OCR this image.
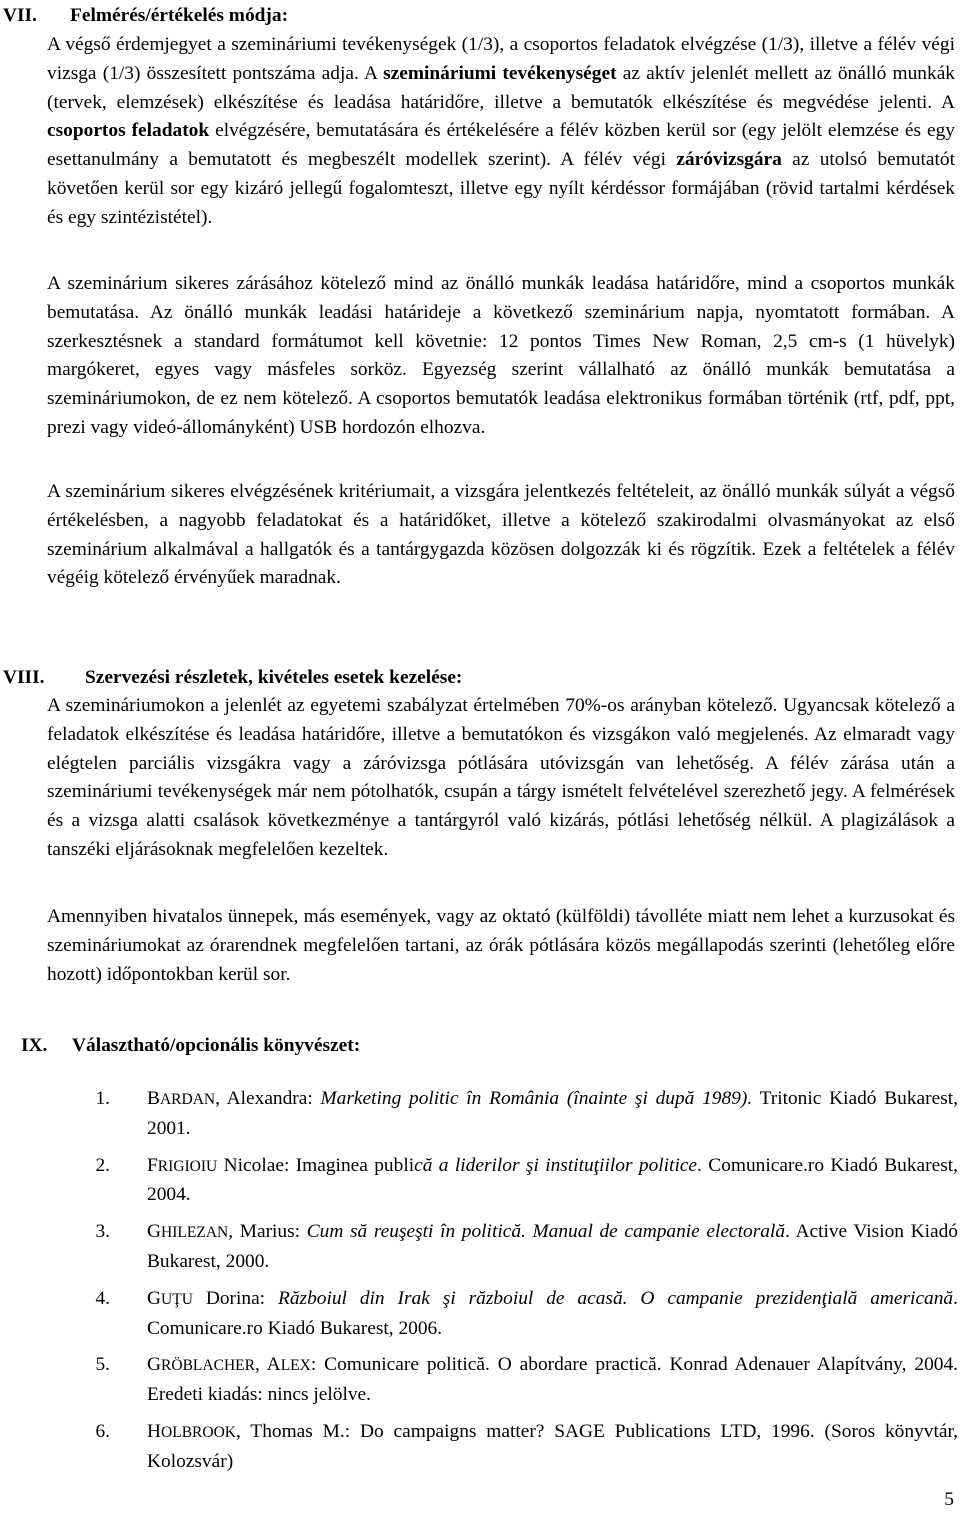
VII. Felmérés/értékelés módja:
A végső érdemjegyet a szemináriumi tevékenységek (1/3), a csoportos feladatok elvégzése (1/3), illetve a félév végi vizsga (1/3) összesített pontszáma adja. A szemináriumi tevékenységet az aktív jelenlét mellett az önálló munkák (tervek, elemzések) elkészítése és leadása határidőre, illetve a bemutatók elkészítése és megvédése jelenti. A csoportos feladatok elvégzésére, bemutatására és értékelésére a félév közben kerül sor (egy jelölt elemzése és egy esettanulmány a bemutatott és megbeszélt modellek szerint). A félév végi záróvizsgára az utolsó bemutatót követően kerül sor egy kizáró jellegű fogalomteszt, illetve egy nyílt kérdéssor formájában (rövid tartalmi kérdések és egy szintézistétel).
A szeminárium sikeres zárásához kötelező mind az önálló munkák leadása határidőre, mind a csoportos munkák bemutatása. Az önálló munkák leadási határideje a következő szeminárium napja, nyomtatott formában. A szerkesztésnek a standard formátumot kell követnie: 12 pontos Times New Roman, 2,5 cm-s (1 hüvelyk) margókeret, egyes vagy másfeles sorköz. Egyezség szerint vállalható az önálló munkák bemutatása a szemináriumokon, de ez nem kötelező. A csoportos bemutatók leadása elektronikus formában történik (rtf, pdf, ppt, prezi vagy videó-állományként) USB hordozón elhozva.
A szeminárium sikeres elvégzésének kritériumait, a vizsgára jelentkezés feltételeit, az önálló munkák súlyát a végső értékelésben, a nagyobb feladatokat és a határidőket, illetve a kötelező szakirodalmi olvasmányokat az első szeminárium alkalmával a hallgatók és a tantárgygazda közösen dolgozzák ki és rögzítik. Ezek a feltételek a félév végéig kötelező érvényűek maradnak.
VIII. Szervezési részletek, kivételes esetek kezelése:
A szemináriumokon a jelenlét az egyetemi szabályzat értelmében 70%-os arányban kötelező. Ugyancsak kötelező a feladatok elkészítése és leadása határidőre, illetve a bemutatókon és vizsgákon való megjelenés. Az elmaradt vagy elégtelen parciális vizsgákra vagy a záróvizsga pótlására utóvizsgán van lehetőség. A félév zárása után a szemináriumi tevékenységek már nem pótolhatók, csupán a tárgy ismételt felvételével szerezhető jegy. A felmérések és a vizsga alatti csalások következménye a tantárgyról való kizárás, pótlási lehetőség nélkül. A plagizálások a tanszéki eljárásoknak megfelelően kezeltek.
Amennyiben hivatalos ünnepek, más események, vagy az oktató (külföldi) távolléte miatt nem lehet a kurzusokat és szemináriumokat az órarendnek megfelelően tartani, az órák pótlására közös megállapodás szerinti (lehetőleg előre hozott) időpontokban kerül sor.
IX. Választható/opcionális könyvészet:
1. BARDAN, Alexandra: Marketing politic în România (înainte şi după 1989). Tritonic Kiadó Bukarest, 2001.
2. FRIGIOIU Nicolae: Imaginea publică a liderilor şi instituţiilor politice. Comunicare.ro Kiadó Bukarest, 2004.
3. GHILEZAN, Marius: Cum să reuşeşti în politică. Manual de campanie electorală. Active Vision Kiadó Bukarest, 2000.
4. GUŢU Dorina: Războiul din Irak şi războiul de acasă. O campanie prezidenţială americană. Comunicare.ro Kiadó Bukarest, 2006.
5. GRÖBLACHER, ALEX: Comunicare politică. O abordare practică. Konrad Adenauer Alapítvány, 2004. Eredeti kiadás: nincs jelölve.
6. HOLBROOK, Thomas M.: Do campaigns matter? SAGE Publications LTD, 1996. (Soros könyvtár, Kolozsvár)
5
